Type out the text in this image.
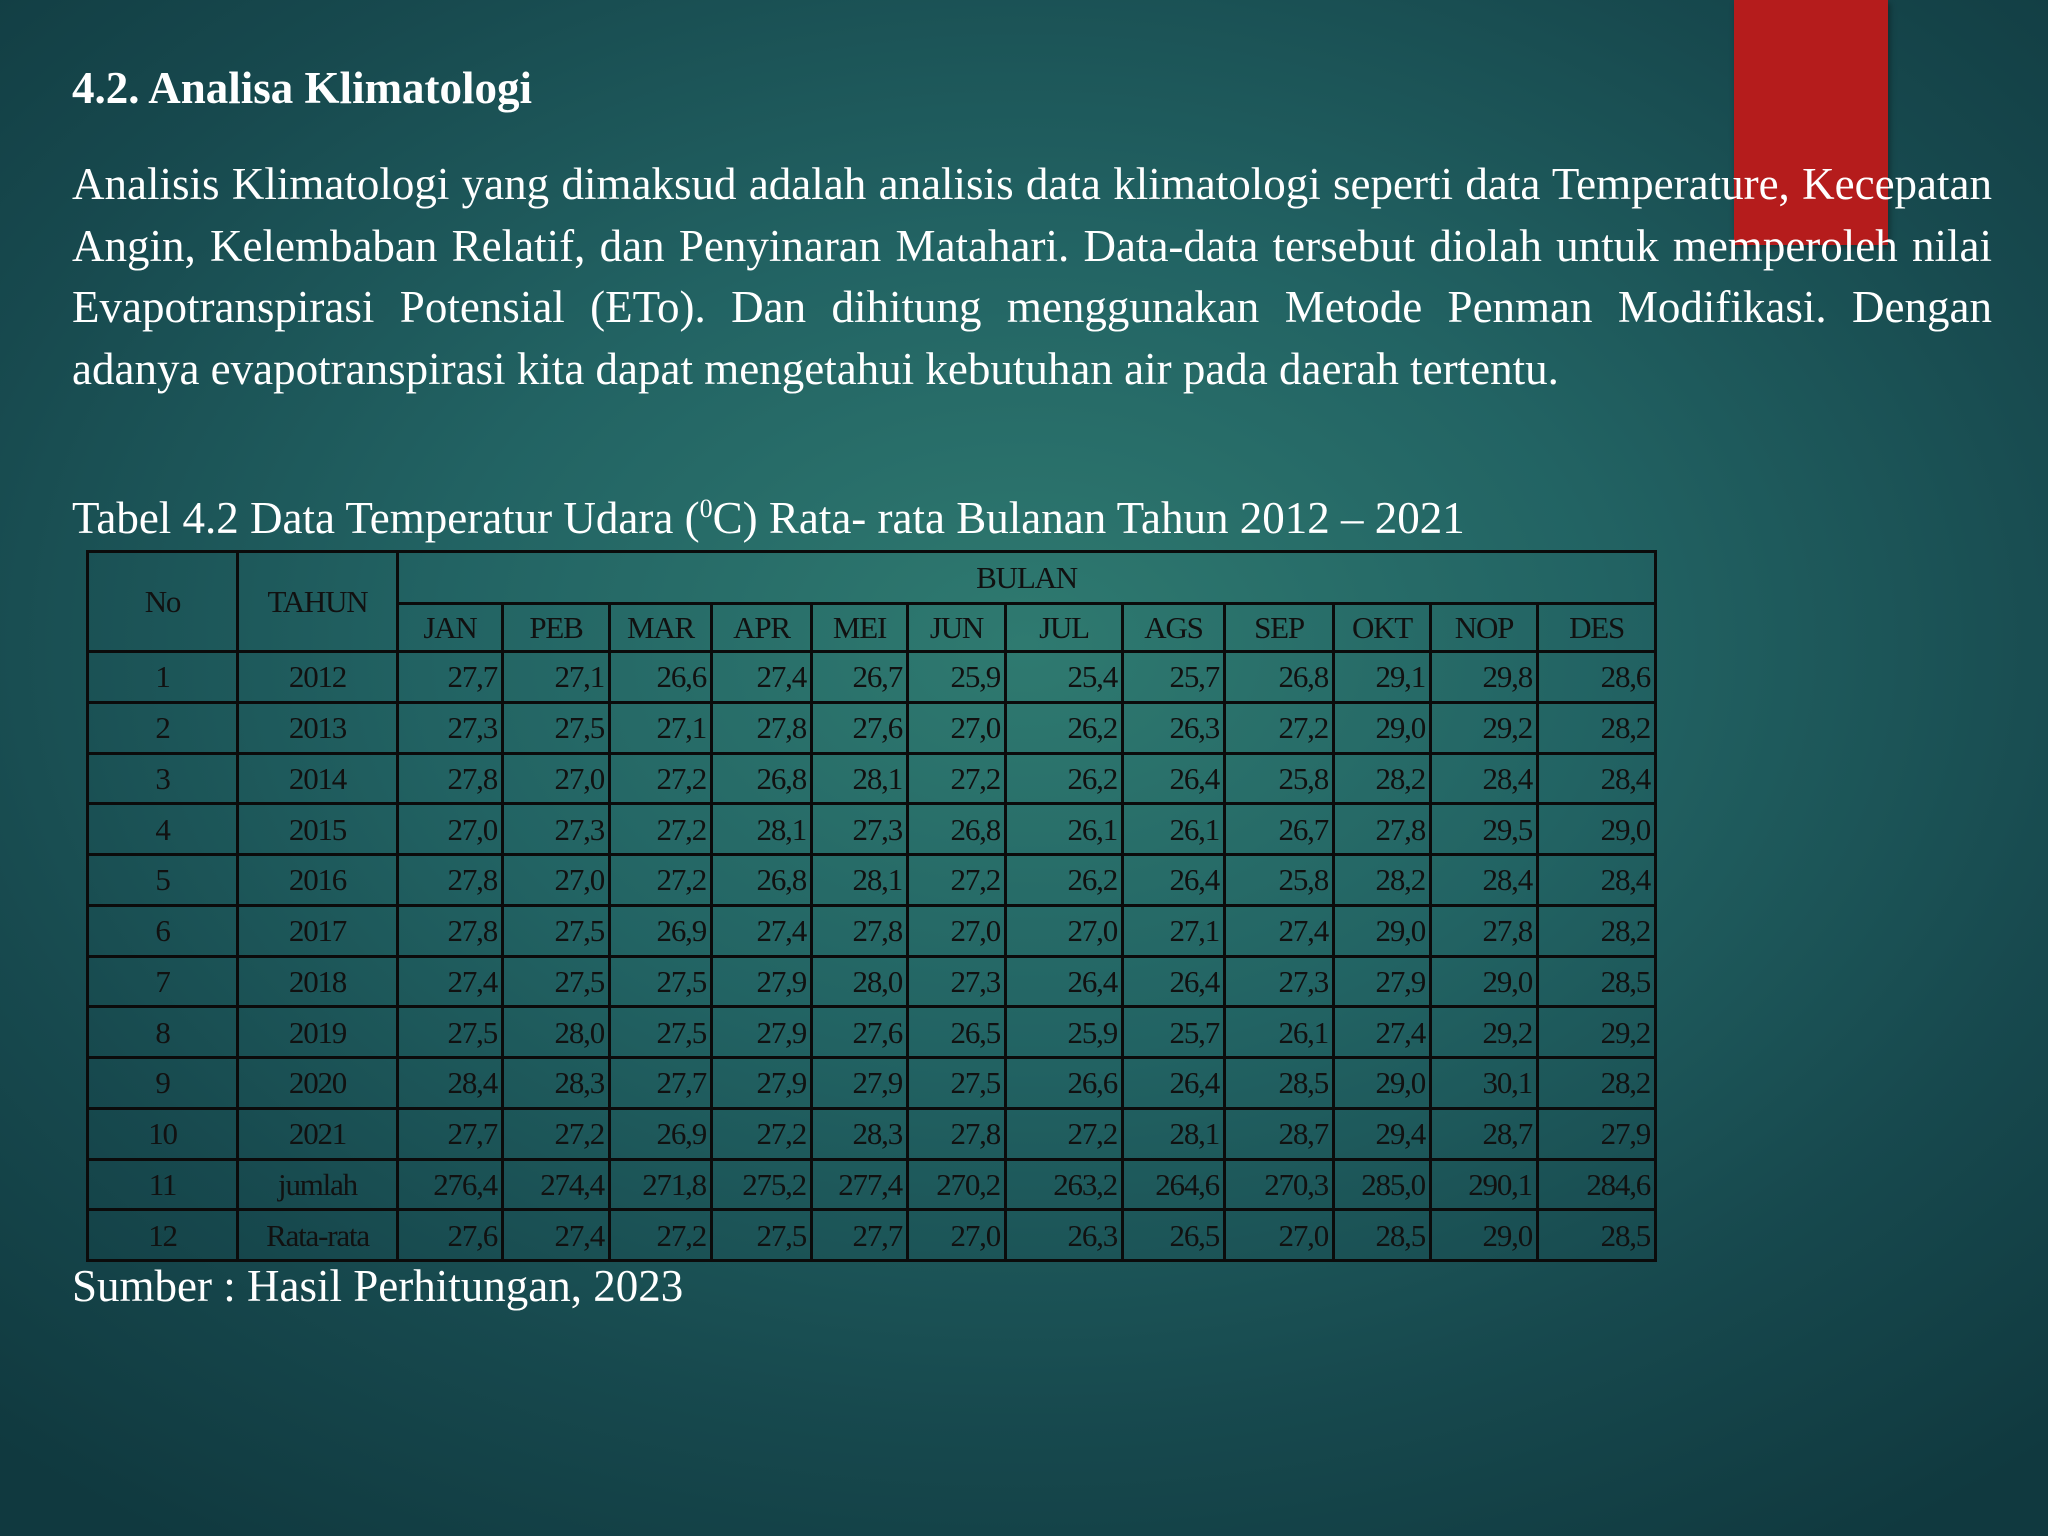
4.2. Analisa Klimatologi

Analisis Klimatologi yang dimaksud adalah analisis data klimatologi seperti data Temperature, Kecepatan Angin, Kelembaban Relatif, dan Penyinaran Matahari. Data-data tersebut diolah untuk memperoleh nilai Evapotranspirasi Potensial (ETo). Dan dihitung menggunakan Metode Penman Modifikasi. Dengan adanya evapotranspirasi kita dapat mengetahui kebutuhan air pada daerah tertentu.

Tabel 4.2 Data Temperatur Udara ($^0$C) Rata- rata Bulanan Tahun 2012 – 2021

No	TAHUN	BULAN											
		JAN	PEB	MAR	APR	MEI	JUN	JUL	AGS	SEP	OKT	NOP	DES
1	2012	27,7	27,1	26,6	27,4	26,7	25,9	25,4	25,7	26,8	29,1	29,8	28,6
2	2013	27,3	27,5	27,1	27,8	27,6	27,0	26,2	26,3	27,2	29,0	29,2	28,2
3	2014	27,8	27,0	27,2	26,8	28,1	27,2	26,2	26,4	25,8	28,2	28,4	28,4
4	2015	27,0	27,3	27,2	28,1	27,3	26,8	26,1	26,1	26,7	27,8	29,5	29,0
5	2016	27,8	27,0	27,2	26,8	28,1	27,2	26,2	26,4	25,8	28,2	28,4	28,4
6	2017	27,8	27,5	26,9	27,4	27,8	27,0	27,0	27,1	27,4	29,0	27,8	28,2
7	2018	27,4	27,5	27,5	27,9	28,0	27,3	26,4	26,4	27,3	27,9	29,0	28,5
8	2019	27,5	28,0	27,5	27,9	27,6	26,5	25,9	25,7	26,1	27,4	29,2	29,2
9	2020	28,4	28,3	27,7	27,9	27,9	27,5	26,6	26,4	28,5	29,0	30,1	28,2
10	2021	27,7	27,2	26,9	27,2	28,3	27,8	27,2	28,1	28,7	29,4	28,7	27,9
11	jumlah	276,4	274,4	271,8	275,2	277,4	270,2	263,2	264,6	270,3	285,0	290,1	284,6
12	Rata-rata	27,6	27,4	27,2	27,5	27,7	27,0	26,3	26,5	27,0	28,5	29,0	28,5

Sumber : Hasil Perhitungan, 2023
